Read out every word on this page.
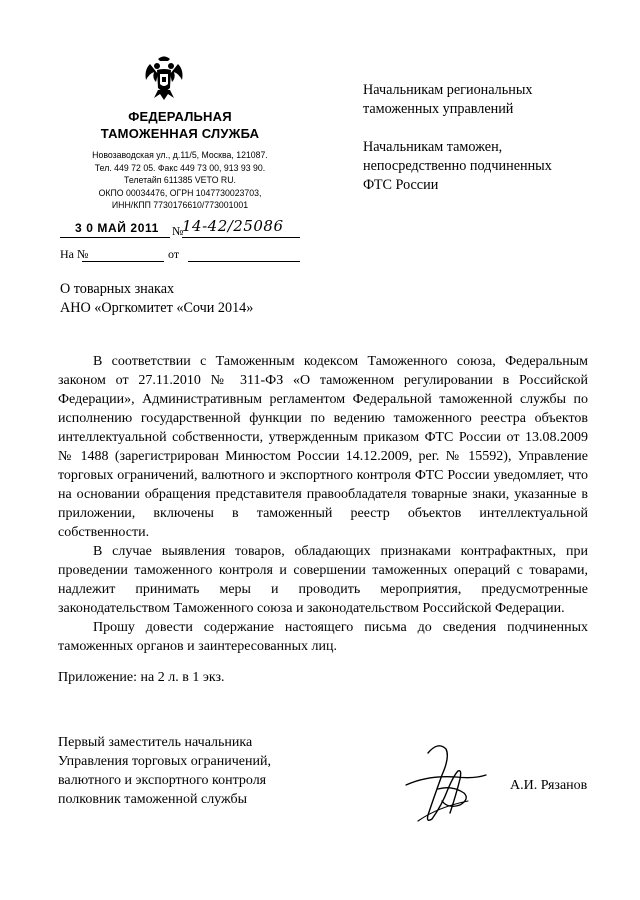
ФЕДЕРАЛЬНАЯ
ТАМОЖЕННАЯ СЛУЖБА
Новозаводская ул., д.11/5, Москва, 121087.
Тел. 449 72 05. Факс 449 73 00, 913 93 90.
Телетайп 611385 VETO RU.
ОКПО 00034476, ОГРН 1047730023703,
ИНН/КПП 7730176610/773001001
3 0 МАЙ 2011 №
14-42/25086
На №	от
Начальникам региональных
таможенных управлений
Начальникам таможен,
непосредственно подчиненных
ФТС России
О товарных знаках
АНО «Оргкомитет «Сочи 2014»

В соответствии с Таможенным кодексом Таможенного союза, Федеральным законом от 27.11.2010 № 311-ФЗ «О таможенном регулировании в Российской Федерации», Административным регламентом Федеральной таможенной службы по исполнению государственной функции по ведению таможенного реестра объектов интеллектуальной собственности, утвержденным приказом ФТС России от 13.08.2009 № 1488 (зарегистрирован Минюстом России 14.12.2009, рег. № 15592), Управление торговых ограничений, валютного и экспортного контроля ФТС России уведомляет, что на основании обращения представителя правообладателя товарные знаки, указанные в приложении, включены в таможенный реестр объектов интеллектуальной собственности.

В случае выявления товаров, обладающих признаками контрафактных, при проведении таможенного контроля и совершении таможенных операций с товарами, надлежит принимать меры и проводить мероприятия, предусмотренные законодательством Таможенного союза и законодательством Российской Федерации.

Прошу довести содержание настоящего письма до сведения подчиненных таможенных органов и заинтересованных лиц.

Приложение: на 2 л. в 1 экз.
Первый заместитель начальника
Управления торговых ограничений,
валютного и экспортного контроля
полковник таможенной службы
А.И. Рязанов
